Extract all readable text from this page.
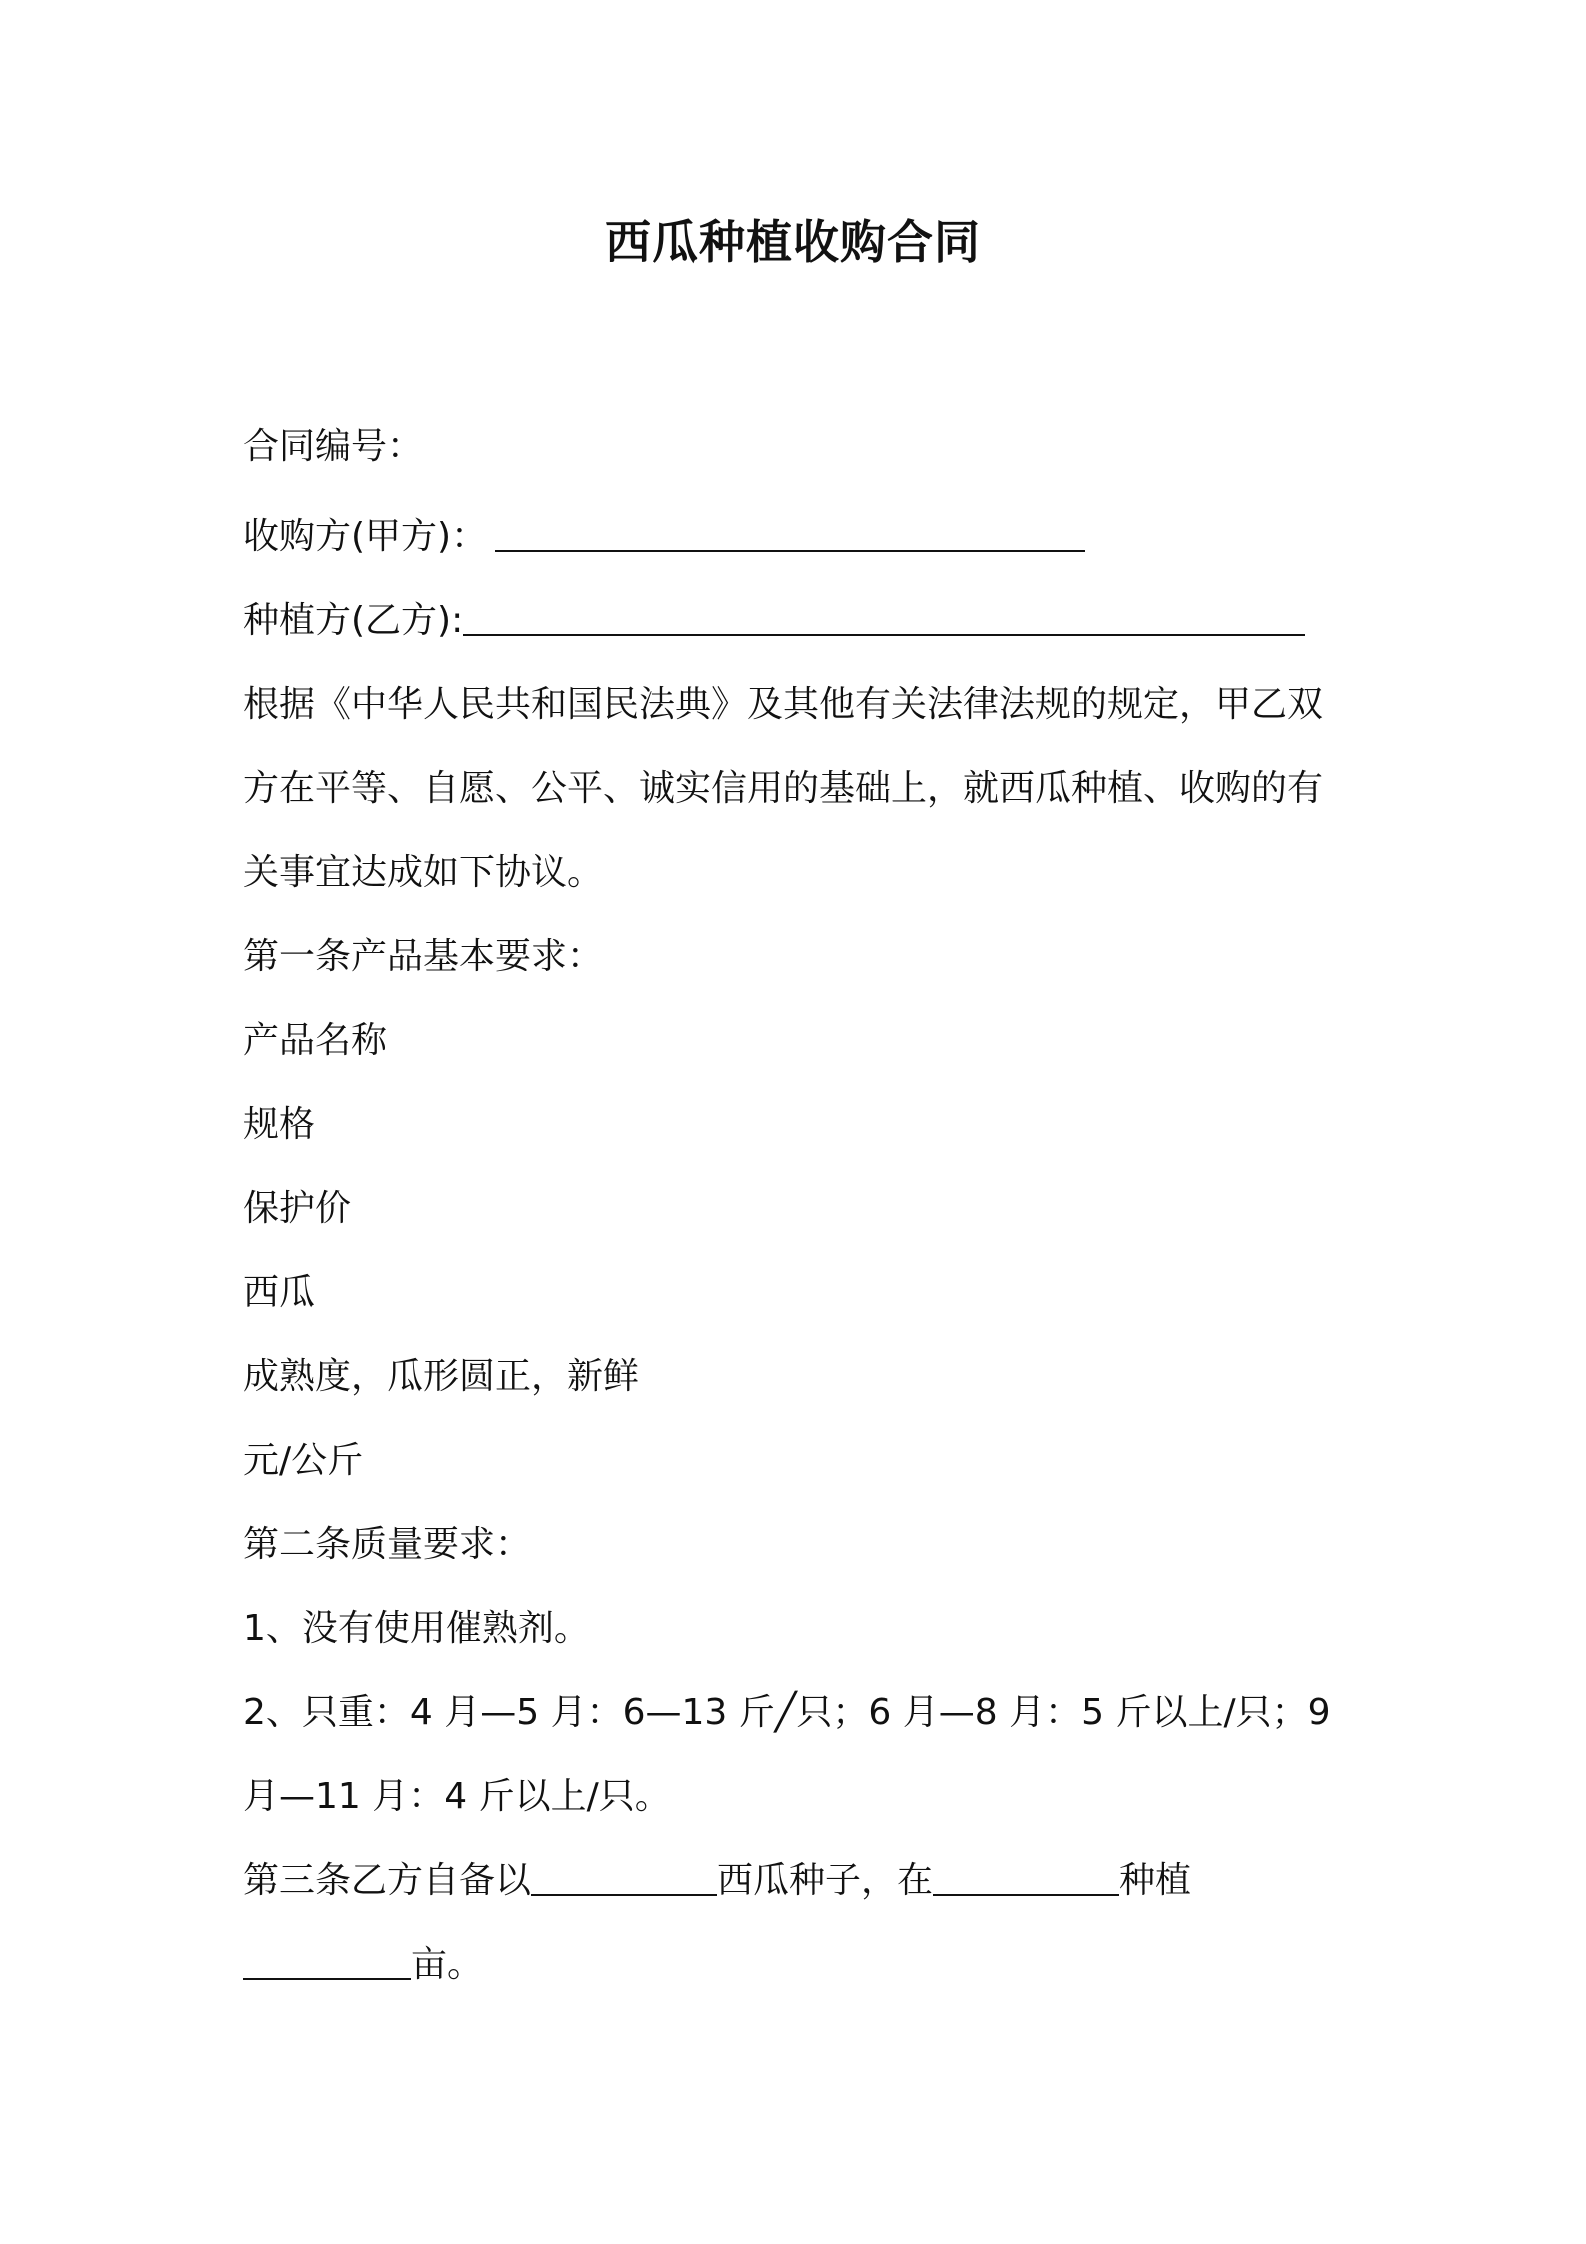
西瓜种植收购合同
合同编号：
收购方(甲方)：
种植方(乙方):
根据《中华人民共和国民法典》及其他有关法律法规的规定，甲乙双
方在平等、自愿、公平、诚实信用的基础上，就西瓜种植、收购的有
关事宜达成如下协议。
第一条产品基本要求：
产品名称
规格
保护价
西瓜
成熟度，瓜形圆正，新鲜
元/公斤
第二条质量要求：
1、没有使用催熟剂。
2、只重：4 月—5 月：6—13 斤╱只；6 月—8 月：5 斤以上/只；9
月—11 月：4 斤以上/只。
第三条乙方自备以	西瓜种子，在	种植
亩。
